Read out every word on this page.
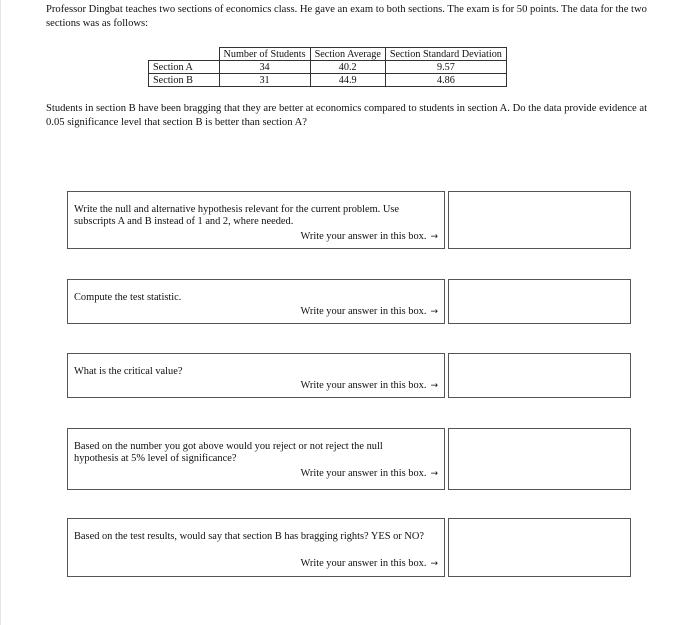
Professor Dingbat teaches two sections of economics class. He gave an exam to both sections. The exam is for 50 points. The data for the two sections was as follows:

	Number of Students	Section Average	Section Standard Deviation
Section A	34	40.2	9.57
Section B	31	44.9	4.86

Students in section B have been bragging that they are better at economics compared to students in section A. Do the data provide evidence at 0.05 significance level that section B is better than section A?

Write the null and alternative hypothesis relevant for the current problem. Use subscripts A and B instead of 1 and 2, where needed.
Write your answer in this box. →
Compute the test statistic.
Write your answer in this box. →
What is the critical value?
Write your answer in this box. →
Based on the number you got above would you reject or not reject the null hypothesis at 5% level of significance?
Write your answer in this box. →
Based on the test results, would say that section B has bragging rights? YES or NO?
Write your answer in this box. →
